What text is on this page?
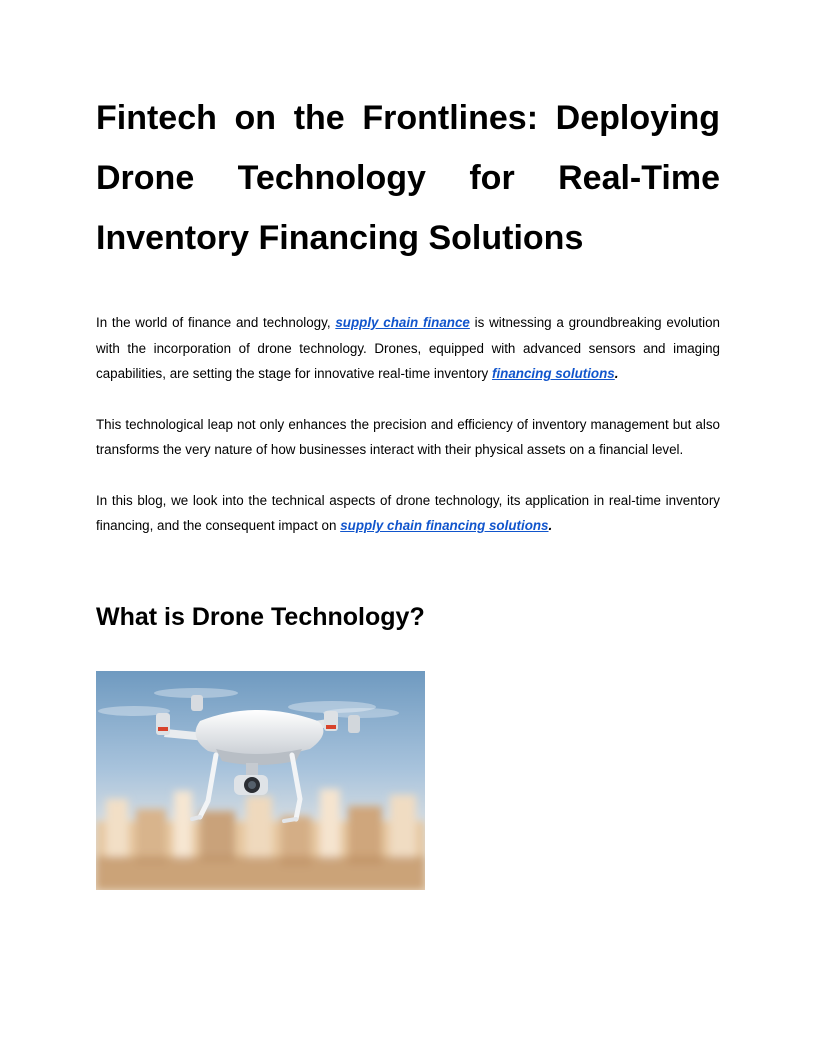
Fintech on the Frontlines: Deploying Drone Technology for Real-Time Inventory Financing Solutions

In the world of finance and technology, supply chain finance is witnessing a groundbreaking evolution with the incorporation of drone technology. Drones, equipped with advanced sensors and imaging capabilities, are setting the stage for innovative real-time inventory financing solutions.

This technological leap not only enhances the precision and efficiency of inventory management but also transforms the very nature of how businesses interact with their physical assets on a financial level.

In this blog, we look into the technical aspects of drone technology, its application in real-time inventory financing, and the consequent impact on supply chain financing solutions.

What is Drone Technology?
